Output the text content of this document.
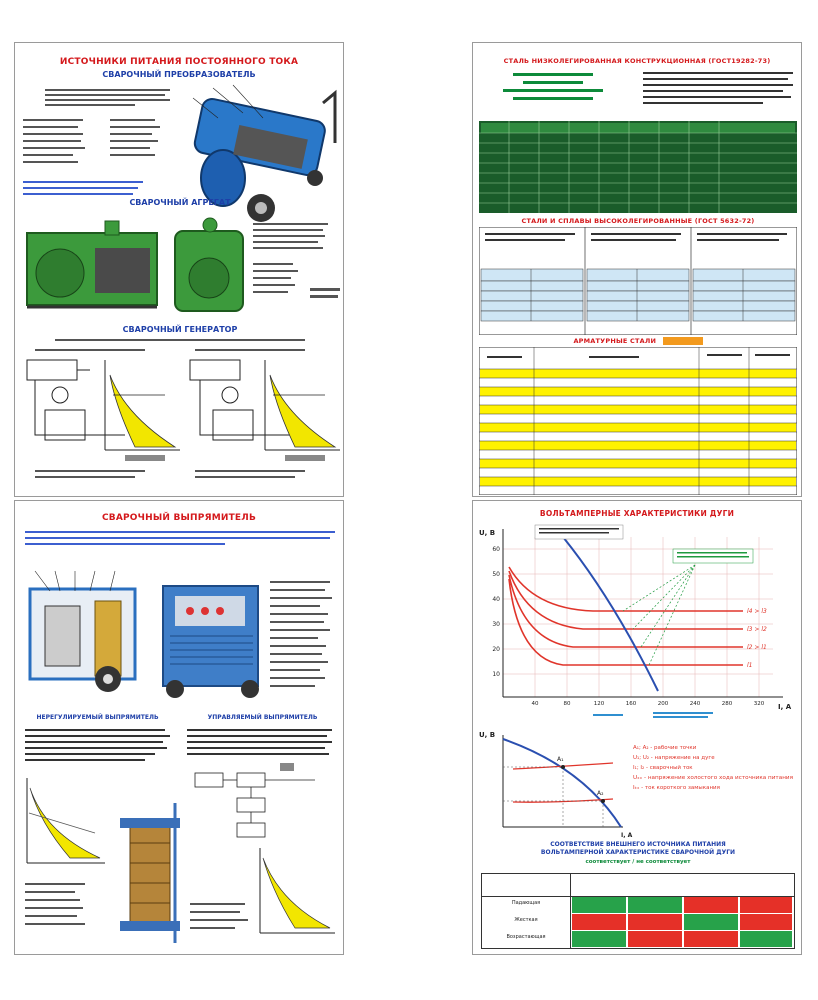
ИСТОЧНИКИ ПИТАНИЯ ПОСТОЯННОГО ТОКА
СВАРОЧНЫЙ ПРЕОБРАЗОВАТЕЛЬ
СВАРОЧНЫЙ АГРЕГАТ
СВАРОЧНЫЙ ГЕНЕРАТОР
СВАРОЧНЫЙ ВЫПРЯМИТЕЛЬ
НЕРЕГУЛИРУЕМЫЙ ВЫПРЯМИТЕЛЬ	УПРАВЛЯЕМЫЙ ВЫПРЯМИТЕЛЬ
СТАЛЬ НИЗКОЛЕГИРОВАННАЯ КОНСТРУКЦИОННАЯ (ГОСТ19282-73)
СТАЛИ И СПЛАВЫ ВЫСОКОЛЕГИРОВАННЫЕ (ГОСТ 5632-72)
АРМАТУРНЫЕ СТАЛИ
ВОЛЬТАМПЕРНЫЕ ХАРАКТЕРИСТИКИ ДУГИ
U, В
I, А
10
20
30
40
50
60
40	80	120	160	200	240	280	320
l4 > l3
l3 > l2
l2 > l1
l1
U, В
I, А
A₁
A₂
A₁; A₂ - рабочие точки
U₁; U₂ - напряжение на дуге
I₁; I₂ - сварочный ток
Uₓₓ - напряжение холостого хода источника питания
Iₖₓ - ток короткого замыкания
СООТВЕТСТВИЕ ВНЕШНЕГО ИСТОЧНИКА ПИТАНИЯ
ВОЛЬТАМПЕРНОЙ ХАРАКТЕРИСТИКЕ СВАРОЧНОЙ ДУГИ
соответствует / не соответствует
Падающая
Жесткая
Возрастающая
